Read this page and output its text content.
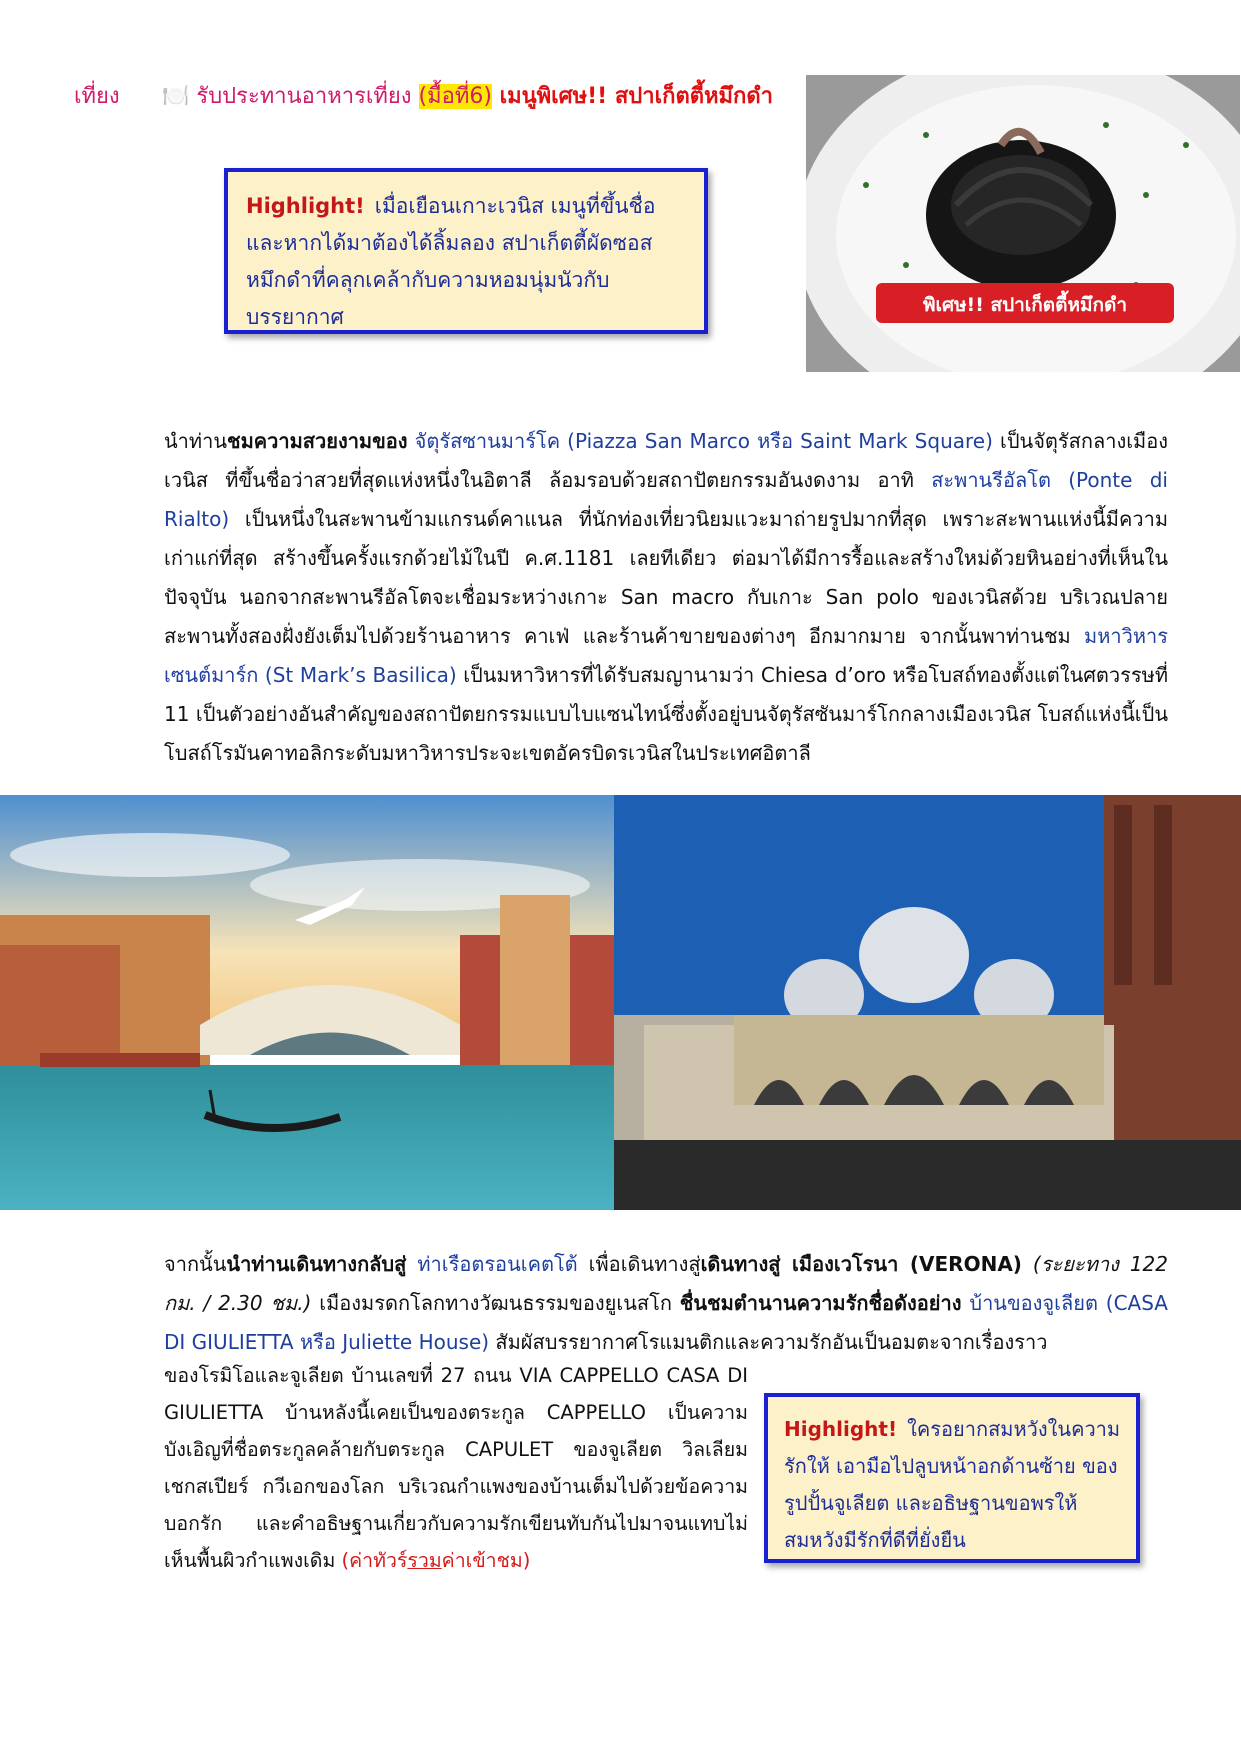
เที่ยง 🍽️ รับประทานอาหารเที่ยง (มื้อที่6) เมนูพิเศษ!! สปาเก็ตตี้หมึกดำ
Highlight! เมื่อเยือนเกาะเวนิส เมนูที่ขึ้นชื่อและหากได้มาต้องได้ลิ้มลอง สปาเก็ตตี้ผัดซอสหมึกดำที่คลุกเคล้ากับความหอมนุ่มนัวกับบรรยากาศ	พิเศษ!! สปาเก็ตตี้หมึกดำ
นำท่านชมความสวยงามของ จัตุรัสซานมาร์โค (Piazza San Marco หรือ Saint Mark Square) เป็นจัตุรัสกลางเมืองเวนิส ที่ขึ้นชื่อว่าสวยที่สุดแห่งหนึ่งในอิตาลี ล้อมรอบด้วยสถาปัตยกรรมอันงดงาม อาทิ สะพานรีอัลโต (Ponte di Rialto) เป็นหนึ่งในสะพานข้ามแกรนด์คาแนล ที่นักท่องเที่ยวนิยมแวะมาถ่ายรูปมากที่สุด เพราะสะพานแห่งนี้มีความเก่าแก่ที่สุด สร้างขึ้นครั้งแรกด้วยไม้ในปี ค.ศ.1181 เลยทีเดียว ต่อมาได้มีการรื้อและสร้างใหม่ด้วยหินอย่างที่เห็นในปัจจุบัน นอกจากสะพานรีอัลโตจะเชื่อมระหว่างเกาะ San macro กับเกาะ San polo ของเวนิสด้วย บริเวณปลายสะพานทั้งสองฝั่งยังเต็มไปด้วยร้านอาหาร คาเฟ่ และร้านค้าขายของต่างๆ อีกมากมาย จากนั้นพาท่านชม มหาวิหารเซนต์มาร์ก (St Mark’s Basilica) เป็นมหาวิหารที่ได้รับสมญานามว่า Chiesa d’oro หรือโบสถ์ทองตั้งแต่ในศตวรรษที่ 11 เป็นตัวอย่างอันสำคัญของสถาปัตยกรรมแบบไบแซนไทน์ซึ่งตั้งอยู่บนจัตุรัสซันมาร์โกกลางเมืองเวนิส โบสถ์แห่งนี้เป็นโบสถ์โรมันคาทอลิกระดับมหาวิหารประจะเขตอัครบิดรเวนิสในประเทศอิตาลี
จากนั้นนำท่านเดินทางกลับสู่ ท่าเรือตรอนเคตโต้ เพื่อเดินทางสู่เดินทางสู่ เมืองเวโรนา (VERONA) (ระยะทาง 122 กม. / 2.30 ชม.) เมืองมรดกโลกทางวัฒนธรรมของยูเนสโก ชื่นชมตำนานความรักชื่อดังอย่าง บ้านของจูเลียต (CASA DI GIULIETTA หรือ Juliette House) สัมผัสบรรยากาศโรแมนติกและความรักอันเป็นอมตะจากเรื่องราว
ของโรมิโอและจูเลียต บ้านเลขที่ 27 ถนน VIA CAPPELLO CASA DI GIULIETTA บ้านหลังนี้เคยเป็นของตระกูล CAPPELLO เป็นความบังเอิญที่ชื่อตระกูลคล้ายกับตระกูล CAPULET ของจูเลียต วิลเลียม เชกสเปียร์ กวีเอกของโลก บริเวณกำแพงของบ้านเต็มไปด้วยข้อความบอกรัก และคำอธิษฐานเกี่ยวกับความรักเขียนทับกันไปมาจนแทบไม่เห็นพื้นผิวกำแพงเดิม (ค่าทัวร์รวมค่าเข้าชม)
Highlight! ใครอยากสมหวังในความรักให้ เอามือไปลูบหน้าอกด้านซ้าย ของรูปปั้นจูเลียต และอธิษฐานขอพรให้สมหวังมีรักที่ดีที่ยั่งยืน
